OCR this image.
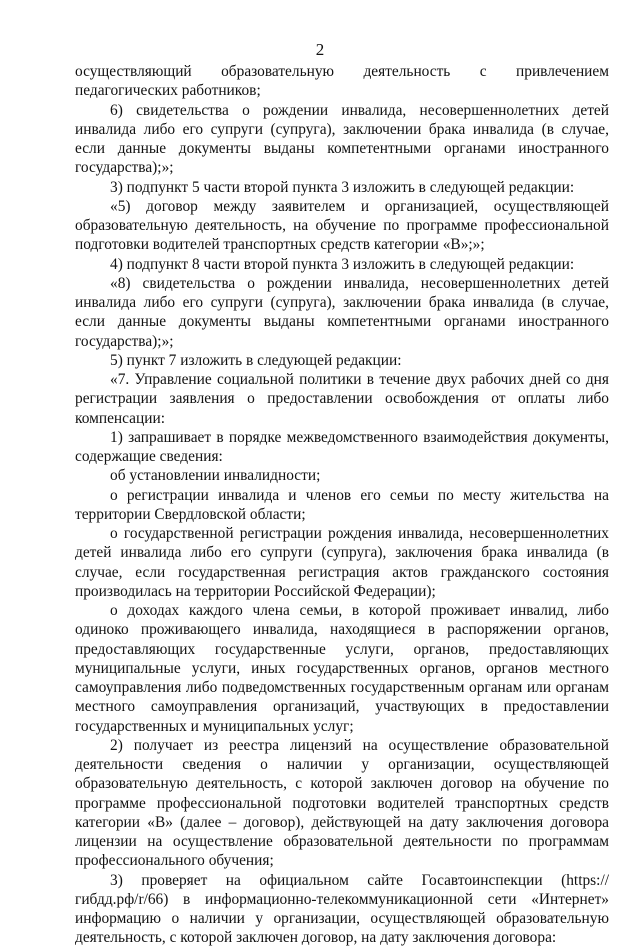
2

осуществляющий образовательную деятельность с привлечением педагогических работников;

6) свидетельства о рождении инвалида, несовершеннолетних детей инвалида либо его супруги (супруга), заключении брака инвалида (в случае, если данные документы выданы компетентными органами иностранного государства);»;

3) подпункт 5 части второй пункта 3 изложить в следующей редакции:

«5) договор между заявителем и организацией, осуществляющей образовательную деятельность, на обучение по программе профессиональной подготовки водителей транспортных средств категории «В»;»;

4) подпункт 8 части второй пункта 3 изложить в следующей редакции:

«8) свидетельства о рождении инвалида, несовершеннолетних детей инвалида либо его супруги (супруга), заключении брака инвалида (в случае, если данные документы выданы компетентными органами иностранного государства);»;

5) пункт 7 изложить в следующей редакции:

«7. Управление социальной политики в течение двух рабочих дней со дня регистрации заявления о предоставлении освобождения от оплаты либо компенсации:

1) запрашивает в порядке межведомственного взаимодействия документы, содержащие сведения:

об установлении инвалидности;

о регистрации инвалида и членов его семьи по месту жительства на территории Свердловской области;

о государственной регистрации рождения инвалида, несовершеннолетних детей инвалида либо его супруги (супруга), заключения брака инвалида (в случае, если государственная регистрация актов гражданского состояния производилась на территории Российской Федерации);

о доходах каждого члена семьи, в которой проживает инвалид, либо одиноко проживающего инвалида, находящиеся в распоряжении органов, предоставляющих государственные услуги, органов, предоставляющих муниципальные услуги, иных государственных органов, органов местного самоуправления либо подведомственных государственным органам или органам местного самоуправления организаций, участвующих в предоставлении государственных и муниципальных услуг;

2) получает из реестра лицензий на осуществление образовательной деятельности сведения о наличии у организации, осуществляющей образовательную деятельность, с которой заключен договор на обучение по программе профессиональной подготовки водителей транспортных средств категории «В» (далее – договор), действующей на дату заключения договора лицензии на осуществление образовательной деятельности по программам профессионального обучения;

3) проверяет на официальном сайте Госавтоинспекции (https://гибдд.рф/r/66) в информационно-телекоммуникационной сети «Интернет» информацию о наличии у организации, осуществляющей образовательную деятельность, с которой заключен договор, на дату заключения договора:
